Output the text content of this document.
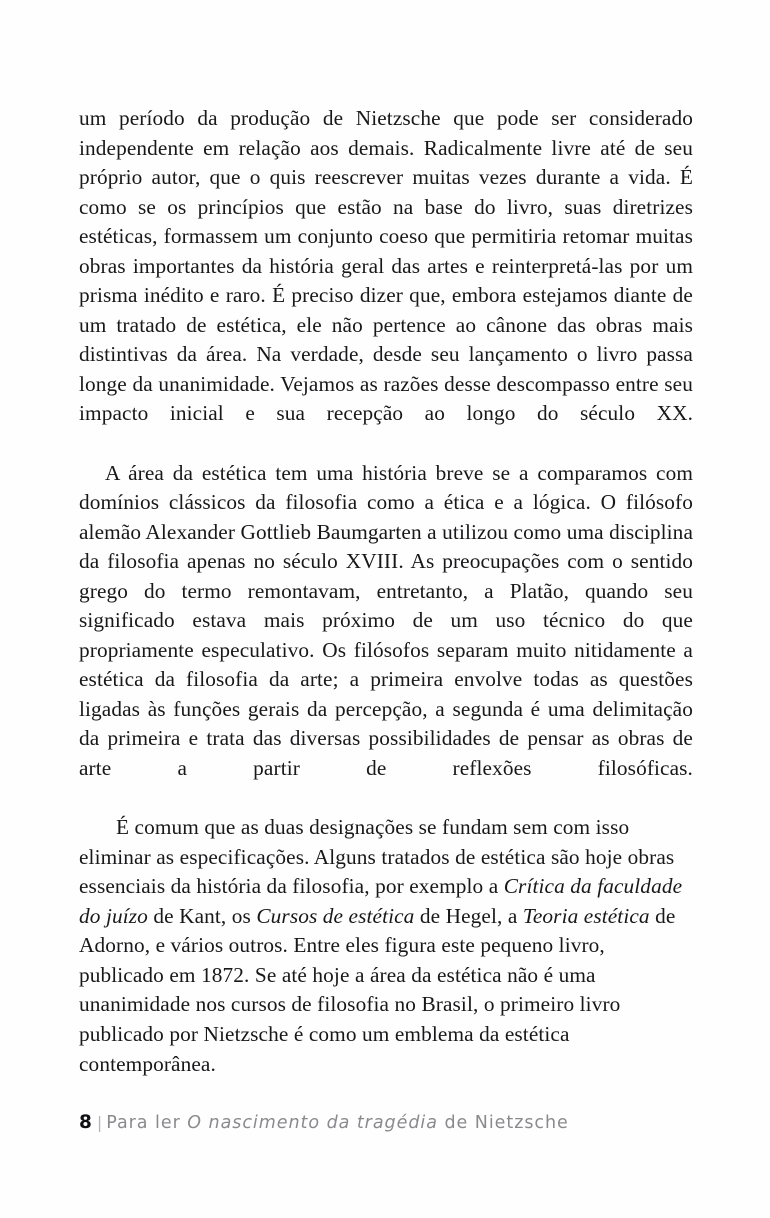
um período da produção de Nietzsche que pode ser considerado independente em relação aos demais. Radicalmente livre até de seu próprio autor, que o quis reescrever muitas vezes durante a vida. É como se os princípios que estão na base do livro, suas diretrizes estéticas, formassem um conjunto coeso que permitiria retomar muitas obras importantes da história geral das artes e reinterpretá-las por um prisma inédito e raro. É preciso dizer que, embora estejamos diante de um tratado de estética, ele não pertence ao cânone das obras mais distintivas da área. Na verdade, desde seu lançamento o livro passa longe da unanimidade. Vejamos as razões desse descompasso entre seu impacto inicial e sua recepção ao longo do século XX.

A área da estética tem uma história breve se a comparamos com domínios clássicos da filosofia como a ética e a lógica. O filósofo alemão Alexander Gottlieb Baumgarten a utilizou como uma disciplina da filosofia apenas no século XVIII. As preocupações com o sentido grego do termo remontavam, entretanto, a Platão, quando seu significado estava mais próximo de um uso técnico do que propriamente especulativo. Os filósofos separam muito nitidamente a estética da filosofia da arte; a primeira envolve todas as questões ligadas às funções gerais da percepção, a segunda é uma delimitação da primeira e trata das diversas possibilidades de pensar as obras de arte a partir de reflexões filosóficas.

É comum que as duas designações se fundam sem com isso eliminar as especificações. Alguns tratados de estética são hoje obras essenciais da história da filosofia, por exemplo a Crítica da faculdade do juízo de Kant, os Cursos de estética de Hegel, a Teoria estética de Adorno, e vários outros. Entre eles figura este pequeno livro, publicado em 1872. Se até hoje a área da estética não é uma unanimidade nos cursos de filosofia no Brasil, o primeiro livro publicado por Nietzsche é como um emblema da estética contemporânea.

8 | Para ler O nascimento da tragédia de Nietzsche
